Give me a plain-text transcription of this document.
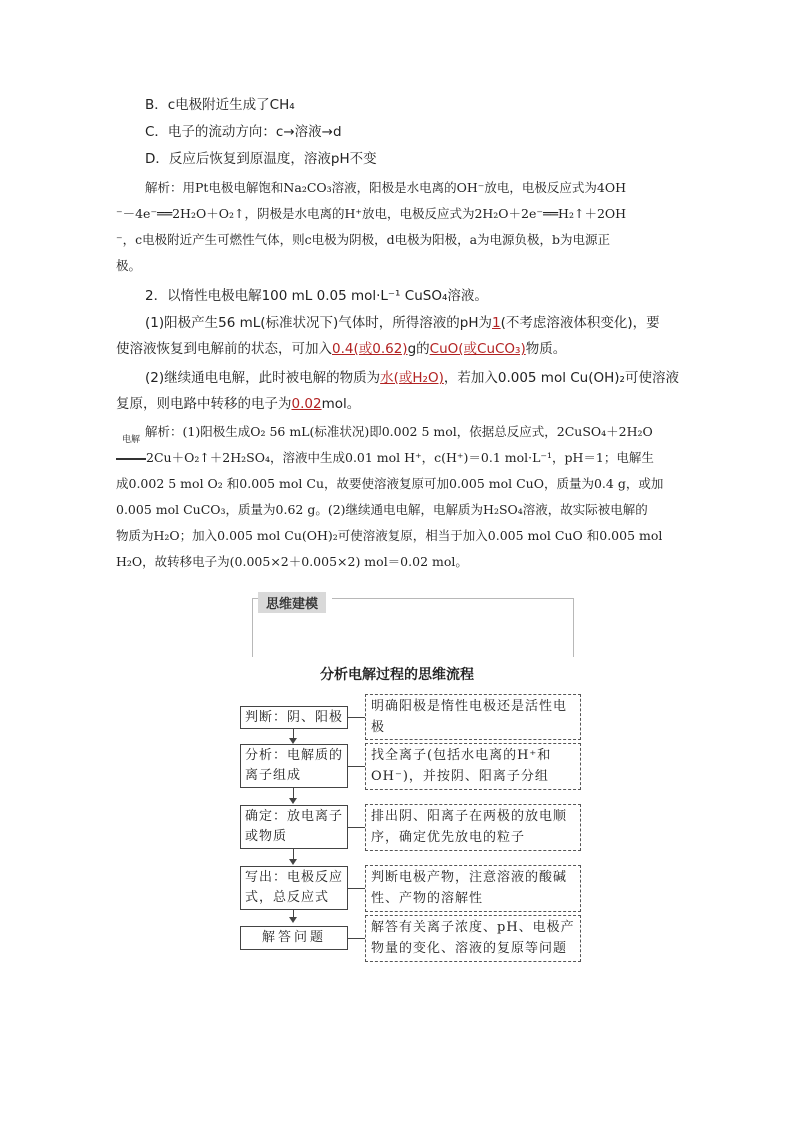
B．c电极附近生成了CH₄
C．电子的流动方向：c→溶液→d
D．反应后恢复到原温度，溶液pH不变
解析：用Pt电极电解饱和Na₂CO₃溶液，阳极是水电离的OH⁻放电，电极反应式为4OH
⁻－4e⁻══2H₂O＋O₂↑，阴极是水电离的H⁺放电，电极反应式为2H₂O＋2e⁻══H₂↑＋2OH
⁻，c电极附近产生可燃性气体，则c电极为阴极，d电极为阳极，a为电源负极，b为电源正
极。
2．以惰性电极电解100 mL 0.05 mol·L⁻¹ CuSO₄溶液。
(1)阳极产生56 mL(标准状况下)气体时，所得溶液的pH为1(不考虑溶液体积变化)，要
使溶液恢复到电解前的状态，可加入0.4(或0.62)g的CuO(或CuCO₃)物质。
(2)继续通电电解，此时被电解的物质为水(或H₂O)，若加入0.005 mol Cu(OH)₂可使溶液
复原，则电路中转移的电子为0.02mol。
解析：(1)阳极生成O₂ 56 mL(标准状况)即0.002 5 mol，依据总反应式，2CuSO₄＋2H₂O
电解
2Cu＋O₂↑＋2H₂SO₄，溶液中生成0.01 mol H⁺，c(H⁺)＝0.1 mol·L⁻¹，pH＝1；电解生
成0.002 5 mol O₂ 和0.005 mol Cu，故要使溶液复原可加0.005 mol CuO，质量为0.4 g，或加
0.005 mol CuCO₃，质量为0.62 g。(2)继续通电电解，电解质为H₂SO₄溶液，故实际被电解的
物质为H₂O；加入0.005 mol Cu(OH)₂可使溶液复原，相当于加入0.005 mol CuO 和0.005 mol
H₂O，故转移电子为(0.005×2＋0.005×2) mol＝0.02 mol。
思维建模
分析电解过程的思维流程
判断：阴、阳极
明确阳极是惰性电极还是活性电极
分析：电解质的离子组成
找全离子(包括水电离的H⁺和OH⁻)，并按阴、阳离子分组
确定：放电离子或物质
排出阴、阳离子在两极的放电顺序，确定优先放电的粒子
写出：电极反应式，总反应式
判断电极产物，注意溶液的酸碱性、产物的溶解性
解答问题
解答有关离子浓度、pH、电极产物量的变化、溶液的复原等问题
